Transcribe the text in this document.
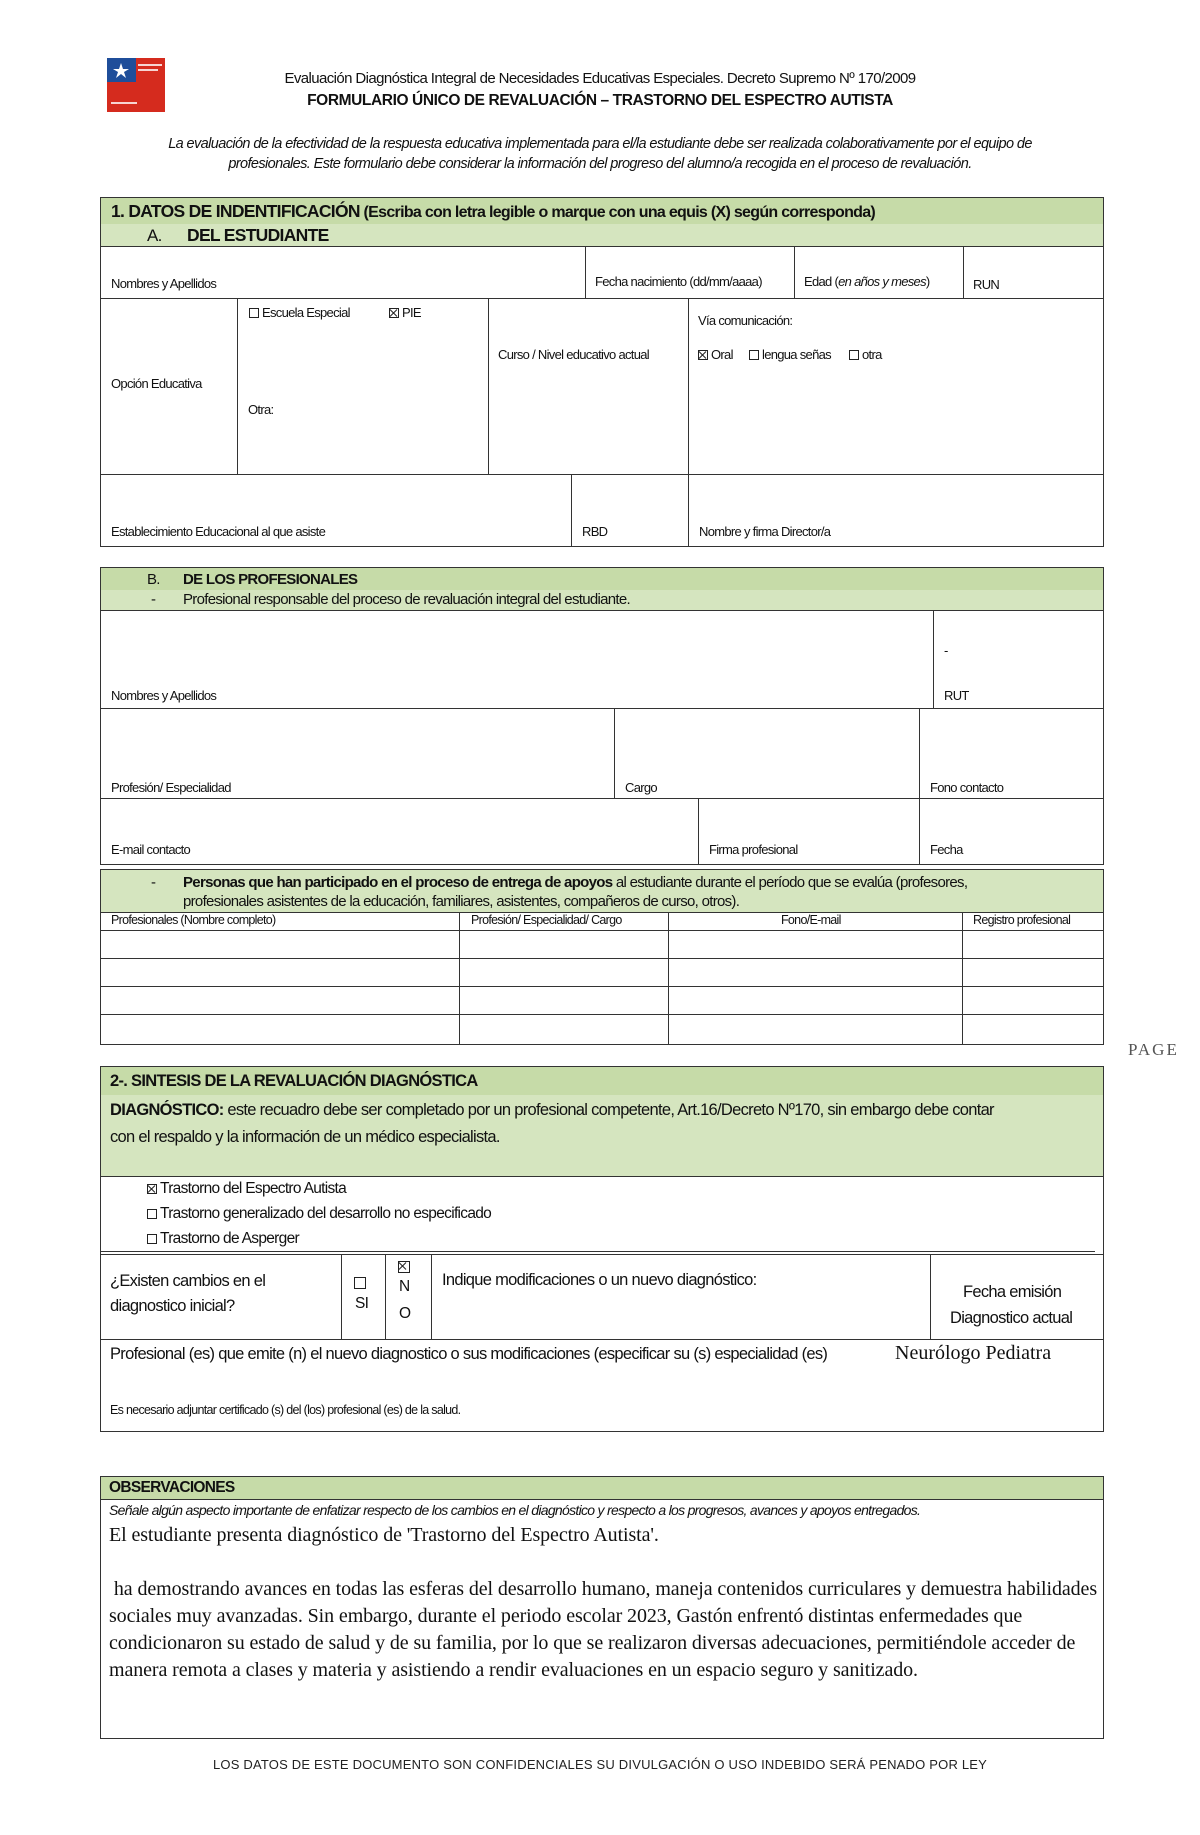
Evaluación Diagnóstica Integral de Necesidades Educativas Especiales. Decreto Supremo Nº 170/2009
FORMULARIO ÚNICO DE REVALUACIÓN – TRASTORNO DEL ESPECTRO AUTISTA
La evaluación de la efectividad de la respuesta educativa implementada para el/la estudiante debe ser realizada colaborativamente por el equipo de
profesionales. Este formulario debe considerar la información del progreso del alumno/a recogida en el proceso de revaluación.
1. DATOS DE INDENTIFICACIÓN (Escriba con letra legible o marque con una equis (X) según corresponda)
A. DEL ESTUDIANTE
Nombres y Apellidos	Fecha nacimiento (dd/mm/aaaa)	Edad (en años y meses)	RUN
Opción Educativa
Escuela Especial	PIE
Otra:
Curso / Nivel educativo actual
Vía comunicación:
Oral	lengua señas	otra
Establecimiento Educacional al que asiste	RBD	Nombre y firma Director/a
B. DE LOS PROFESIONALES
- Profesional responsable del proceso de revaluación integral del estudiante.
Nombres y Apellidos
-
RUT
Profesión/ Especialidad	Cargo	Fono contacto
E-mail contacto	Firma profesional	Fecha
- Personas que han participado en el proceso de entrega de apoyos al estudiante durante el período que se evalúa (profesores,
profesionales asistentes de la educación, familiares, asistentes, compañeros de curso, otros).
Profesionales (Nombre completo)	Profesión/ Especialidad/ Cargo	Fono/E-mail	Registro profesional
PAGE
2-. SINTESIS DE LA REVALUACIÓN DIAGNÓSTICA
DIAGNÓSTICO: este recuadro debe ser completado por un profesional competente, Art.16/Decreto Nº170, sin embargo debe contar
con el respaldo y la información de un médico especialista.
Trastorno del Espectro Autista
Trastorno generalizado del desarrollo no especificado
Trastorno de Asperger
¿Existen cambios en el
diagnostico inicial?	SI
N
O
Indique modificaciones o un nuevo diagnóstico:
Fecha emisión
Diagnostico actual
Profesional (es) que emite (n) el nuevo diagnostico o sus modificaciones (especificar su (s) especialidad (es)	Neurólogo Pediatra
Es necesario adjuntar certificado (s) del (los) profesional (es) de la salud.
OBSERVACIONES
Señale algún aspecto importante de enfatizar respecto de los cambios en el diagnóstico y respecto a los progresos, avances y apoyos entregados.
El estudiante presenta diagnóstico de 'Trastorno del Espectro Autista'.
ha demostrando avances en todas las esferas del desarrollo humano, maneja contenidos curriculares y demuestra habilidades sociales muy avanzadas. Sin embargo, durante el periodo escolar 2023, Gastón enfrentó distintas enfermedades que condicionaron su estado de salud y de su familia, por lo que se realizaron diversas adecuaciones, permitiéndole acceder de manera remota a clases y materia y asistiendo a rendir evaluaciones en un espacio seguro y sanitizado.
LOS DATOS DE ESTE DOCUMENTO SON CONFIDENCIALES SU DIVULGACIÓN O USO INDEBIDO SERÁ PENADO POR LEY
